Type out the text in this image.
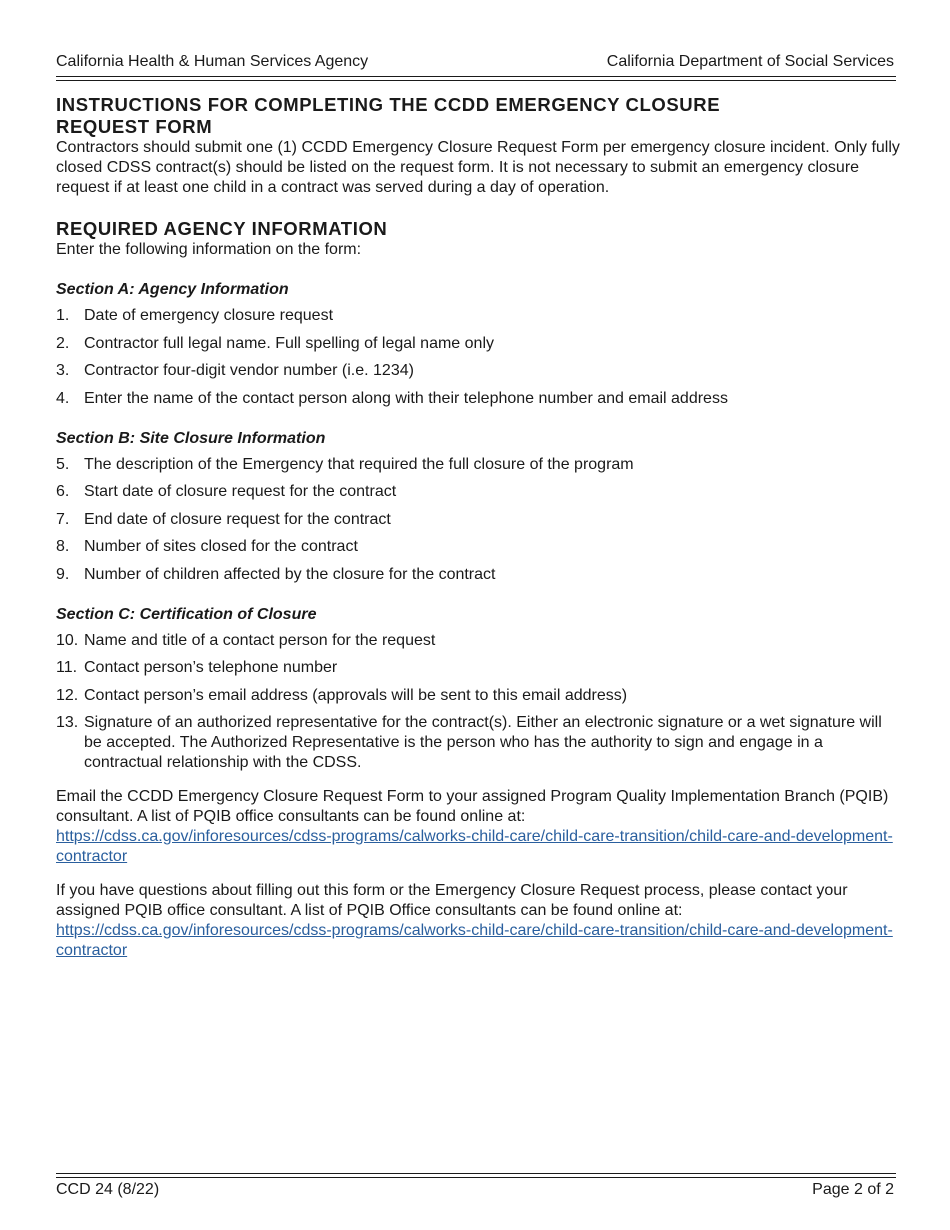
California Health & Human Services Agency	California Department of Social Services
INSTRUCTIONS FOR COMPLETING THE CCDD EMERGENCY CLOSURE REQUEST FORM

Contractors should submit one (1) CCDD Emergency Closure Request Form per emergency closure incident. Only fully closed CDSS contract(s) should be listed on the request form. It is not necessary to submit an emergency closure request if at least one child in a contract was served during a day of operation.

REQUIRED AGENCY INFORMATION

Enter the following information on the form:

Section A: Agency Information
1. Date of emergency closure request
2. Contractor full legal name. Full spelling of legal name only
3. Contractor four-digit vendor number (i.e. 1234)
4. Enter the name of the contact person along with their telephone number and email address
Section B: Site Closure Information
5. The description of the Emergency that required the full closure of the program
6. Start date of closure request for the contract
7. End date of closure request for the contract
8. Number of sites closed for the contract
9. Number of children affected by the closure for the contract
Section C: Certification of Closure
10. Name and title of a contact person for the request
11. Contact person’s telephone number
12. Contact person’s email address (approvals will be sent to this email address)
13. Signature of an authorized representative for the contract(s). Either an electronic signature or a wet signature will be accepted. The Authorized Representative is the person who has the authority to sign and engage in a contractual relationship with the CDSS.

Email the CCDD Emergency Closure Request Form to your assigned Program Quality Implementation Branch (PQIB) consultant. A list of PQIB office consultants can be found online at:

https://cdss.ca.gov/inforesources/cdss-programs/calworks-child-care/child-care-transition/child-care-and-development-contractor

If you have questions about filling out this form or the Emergency Closure Request process, please contact your assigned PQIB office consultant. A list of PQIB Office consultants can be found online at:

https://cdss.ca.gov/inforesources/cdss-programs/calworks-child-care/child-care-transition/child-care-and-development-contractor
CCD 24 (8/22)	Page 2 of 2
